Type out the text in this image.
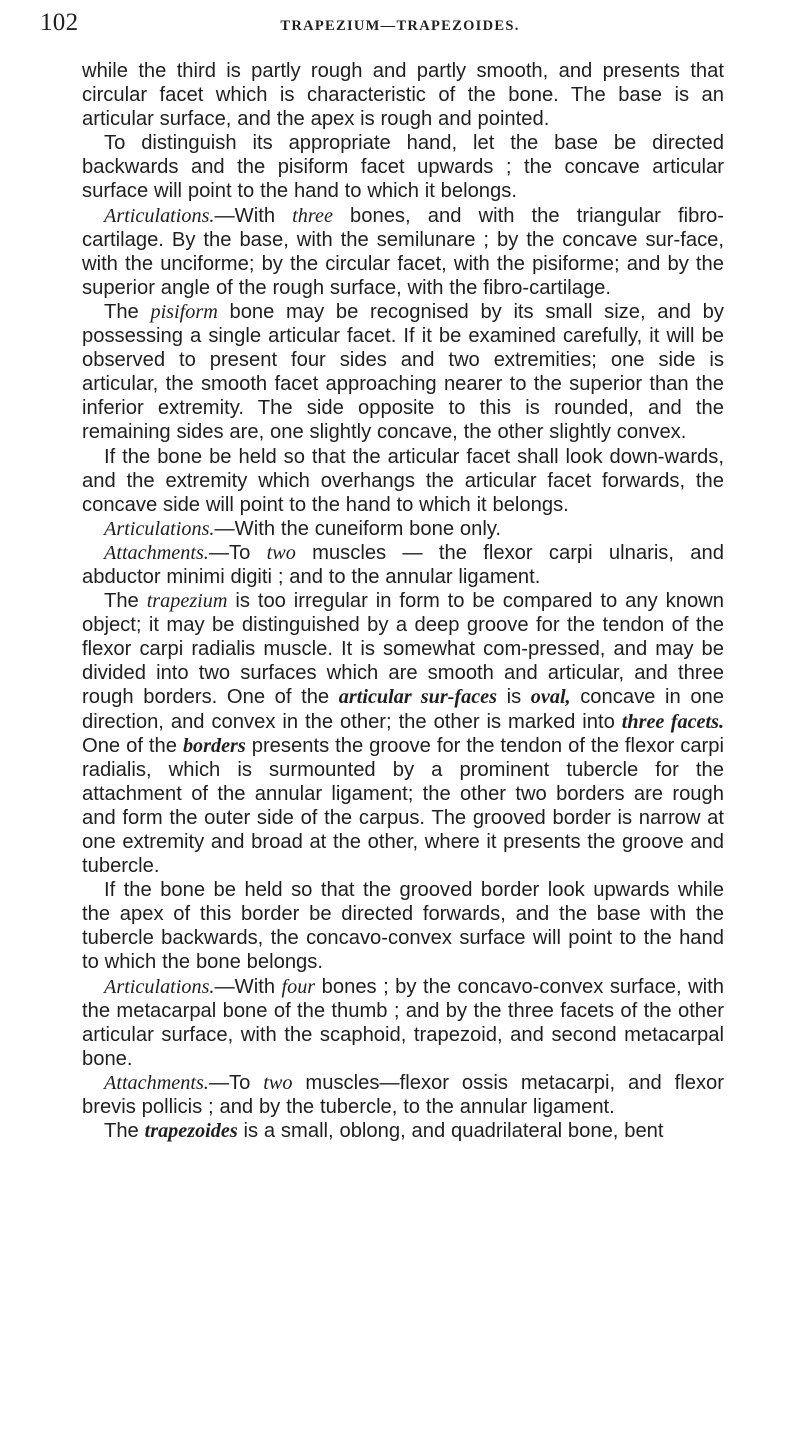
102	TRAPEZIUM—TRAPEZOIDES.

while the third is partly rough and partly smooth, and presents that circular facet which is characteristic of the bone. The base is an articular surface, and the apex is rough and pointed.

To distinguish its appropriate hand, let the base be directed backwards and the pisiform facet upwards ; the concave articular surface will point to the hand to which it belongs.

Articulations.—With three bones, and with the triangular fibro-cartilage. By the base, with the semilunare ; by the concave sur-face, with the unciforme; by the circular facet, with the pisiforme; and by the superior angle of the rough surface, with the fibro-cartilage.

The pisiform bone may be recognised by its small size, and by possessing a single articular facet. If it be examined carefully, it will be observed to present four sides and two extremities; one side is articular, the smooth facet approaching nearer to the superior than the inferior extremity. The side opposite to this is rounded, and the remaining sides are, one slightly concave, the other slightly convex.

If the bone be held so that the articular facet shall look down-wards, and the extremity which overhangs the articular facet forwards, the concave side will point to the hand to which it belongs.

Articulations.—With the cuneiform bone only.

Attachments.—To two muscles — the flexor carpi ulnaris, and abductor minimi digiti ; and to the annular ligament.

The trapezium is too irregular in form to be compared to any known object; it may be distinguished by a deep groove for the tendon of the flexor carpi radialis muscle. It is somewhat com-pressed, and may be divided into two surfaces which are smooth and articular, and three rough borders. One of the articular sur-faces is oval, concave in one direction, and convex in the other; the other is marked into three facets. One of the borders presents the groove for the tendon of the flexor carpi radialis, which is surmounted by a prominent tubercle for the attachment of the annular ligament; the other two borders are rough and form the outer side of the carpus. The grooved border is narrow at one extremity and broad at the other, where it presents the groove and tubercle.

If the bone be held so that the grooved border look upwards while the apex of this border be directed forwards, and the base with the tubercle backwards, the concavo-convex surface will point to the hand to which the bone belongs.

Articulations.—With four bones ; by the concavo-convex surface, with the metacarpal bone of the thumb ; and by the three facets of the other articular surface, with the scaphoid, trapezoid, and second metacarpal bone.

Attachments.—To two muscles—flexor ossis metacarpi, and flexor brevis pollicis ; and by the tubercle, to the annular ligament.

The trapezoides is a small, oblong, and quadrilateral bone, bent
